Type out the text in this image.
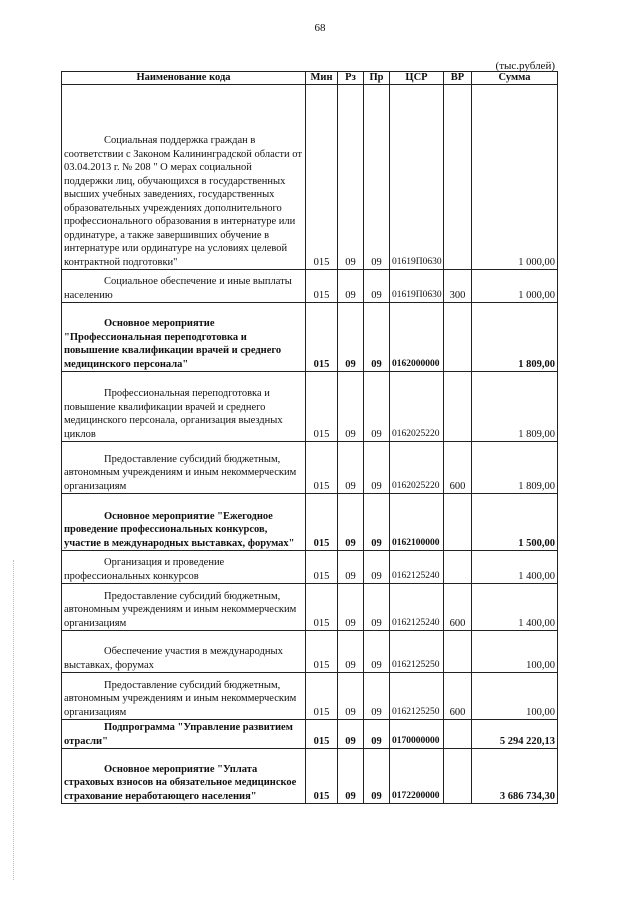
68
(тыс.рублей)
Наименование кода	Мин	Рз	Пр	ЦСР	ВР	Сумма
Социальная поддержка граждан в соответствии с Законом Калининградской области от 03.04.2013 г. № 208 " О мерах социальной поддержки лиц, обучающихся в государственных высших учебных заведениях, государственных образовательных учреждениях дополнительного профессионального образования в интернатуре или ординатуре, а также завершивших обучение в интернатуре или ординатуре на условиях целевой контрактной подготовки"	015	09	09	01619П0630		1 000,00
Социальное обеспечение и иные выплаты населению	015	09	09	01619П0630	300	1 000,00
Основное мероприятие "Профессиональная переподготовка и повышение квалификации врачей и среднего медицинского персонала"	015	09	09	0162000000		1 809,00
Профессиональная переподготовка и повышение квалификации врачей и среднего медицинского персонала, организация выездных циклов	015	09	09	0162025220		1 809,00
Предоставление субсидий бюджетным, автономным учреждениям и иным некоммерческим организациям	015	09	09	0162025220	600	1 809,00
Основное мероприятие "Ежегодное проведение профессиональных конкурсов, участие в международных выставках, форумах"	015	09	09	0162100000		1 500,00
Организация и проведение профессиональных конкурсов	015	09	09	0162125240		1 400,00
Предоставление субсидий бюджетным, автономным учреждениям и иным некоммерческим организациям	015	09	09	0162125240	600	1 400,00
Обеспечение участия в международных выставках, форумах	015	09	09	0162125250		100,00
Предоставление субсидий бюджетным, автономным учреждениям и иным некоммерческим организациям	015	09	09	0162125250	600	100,00
Подпрограмма "Управление развитием отрасли"	015	09	09	0170000000		5 294 220,13
Основное мероприятие "Уплата страховых взносов на обязательное медицинское страхование неработающего населения"	015	09	09	0172200000		3 686 734,30
